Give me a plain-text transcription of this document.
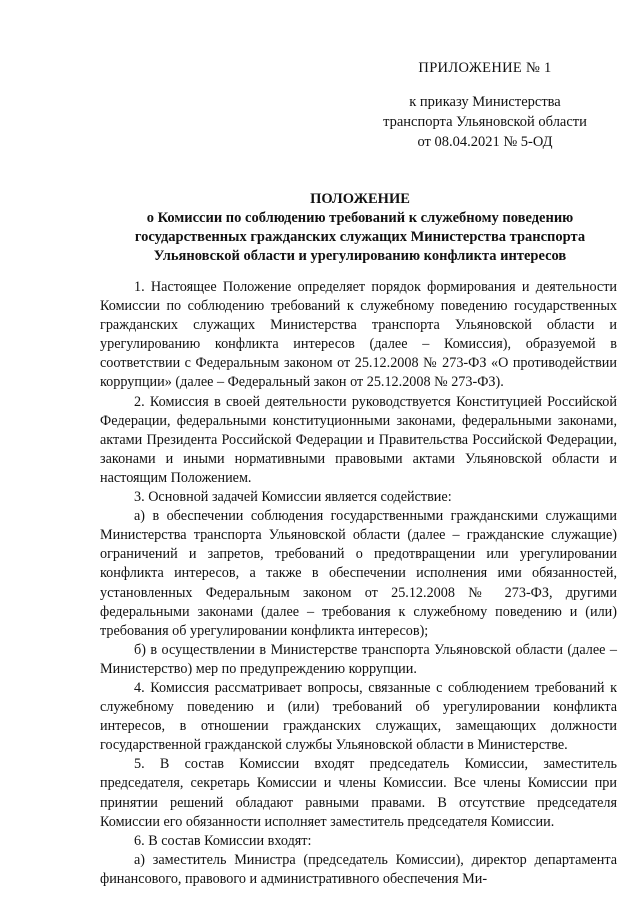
ПРИЛОЖЕНИЕ № 1
к приказу Министерства
транспорта Ульяновской области
от 08.04.2021 № 5-ОД
ПОЛОЖЕНИЕ
о Комиссии по соблюдению требований к служебному поведению государственных гражданских служащих Министерства транспорта Ульяновской области и урегулированию конфликта интересов

1. Настоящее Положение определяет порядок формирования и деятельности Комиссии по соблюдению требований к служебному поведению государственных гражданских служащих Министерства транспорта Ульяновской области и урегулированию конфликта интересов (далее – Комиссия), образуемой в соответствии с Федеральным законом от 25.12.2008 № 273-ФЗ «О противодействии коррупции» (далее – Федеральный закон от 25.12.2008 № 273-ФЗ).

2. Комиссия в своей деятельности руководствуется Конституцией Российской Федерации, федеральными конституционными законами, федеральными законами, актами Президента Российской Федерации и Правительства Российской Федерации, законами и иными нормативными правовыми актами Ульяновской области и настоящим Положением.

3. Основной задачей Комиссии является содействие:

а) в обеспечении соблюдения государственными гражданскими служащими Министерства транспорта Ульяновской области (далее – гражданские служащие) ограничений и запретов, требований о предотвращении или урегулировании конфликта интересов, а также в обеспечении исполнения ими обязанностей, установленных Федеральным законом от 25.12.2008 № 273-ФЗ, другими федеральными законами (далее – требования к служебному поведению и (или) требования об урегулировании конфликта интересов);

б) в осуществлении в Министерстве транспорта Ульяновской области (далее – Министерство) мер по предупреждению коррупции.

4. Комиссия рассматривает вопросы, связанные с соблюдением требований к служебному поведению и (или) требований об урегулировании конфликта интересов, в отношении гражданских служащих, замещающих должности государственной гражданской службы Ульяновской области в Министерстве.

5. В состав Комиссии входят председатель Комиссии, заместитель председателя, секретарь Комиссии и члены Комиссии. Все члены Комиссии при принятии решений обладают равными правами. В отсутствие председателя Комиссии его обязанности исполняет заместитель председателя Комиссии.

6. В состав Комиссии входят:

а) заместитель Министра (председатель Комиссии), директор департамента финансового, правового и административного обеспечения Ми-
